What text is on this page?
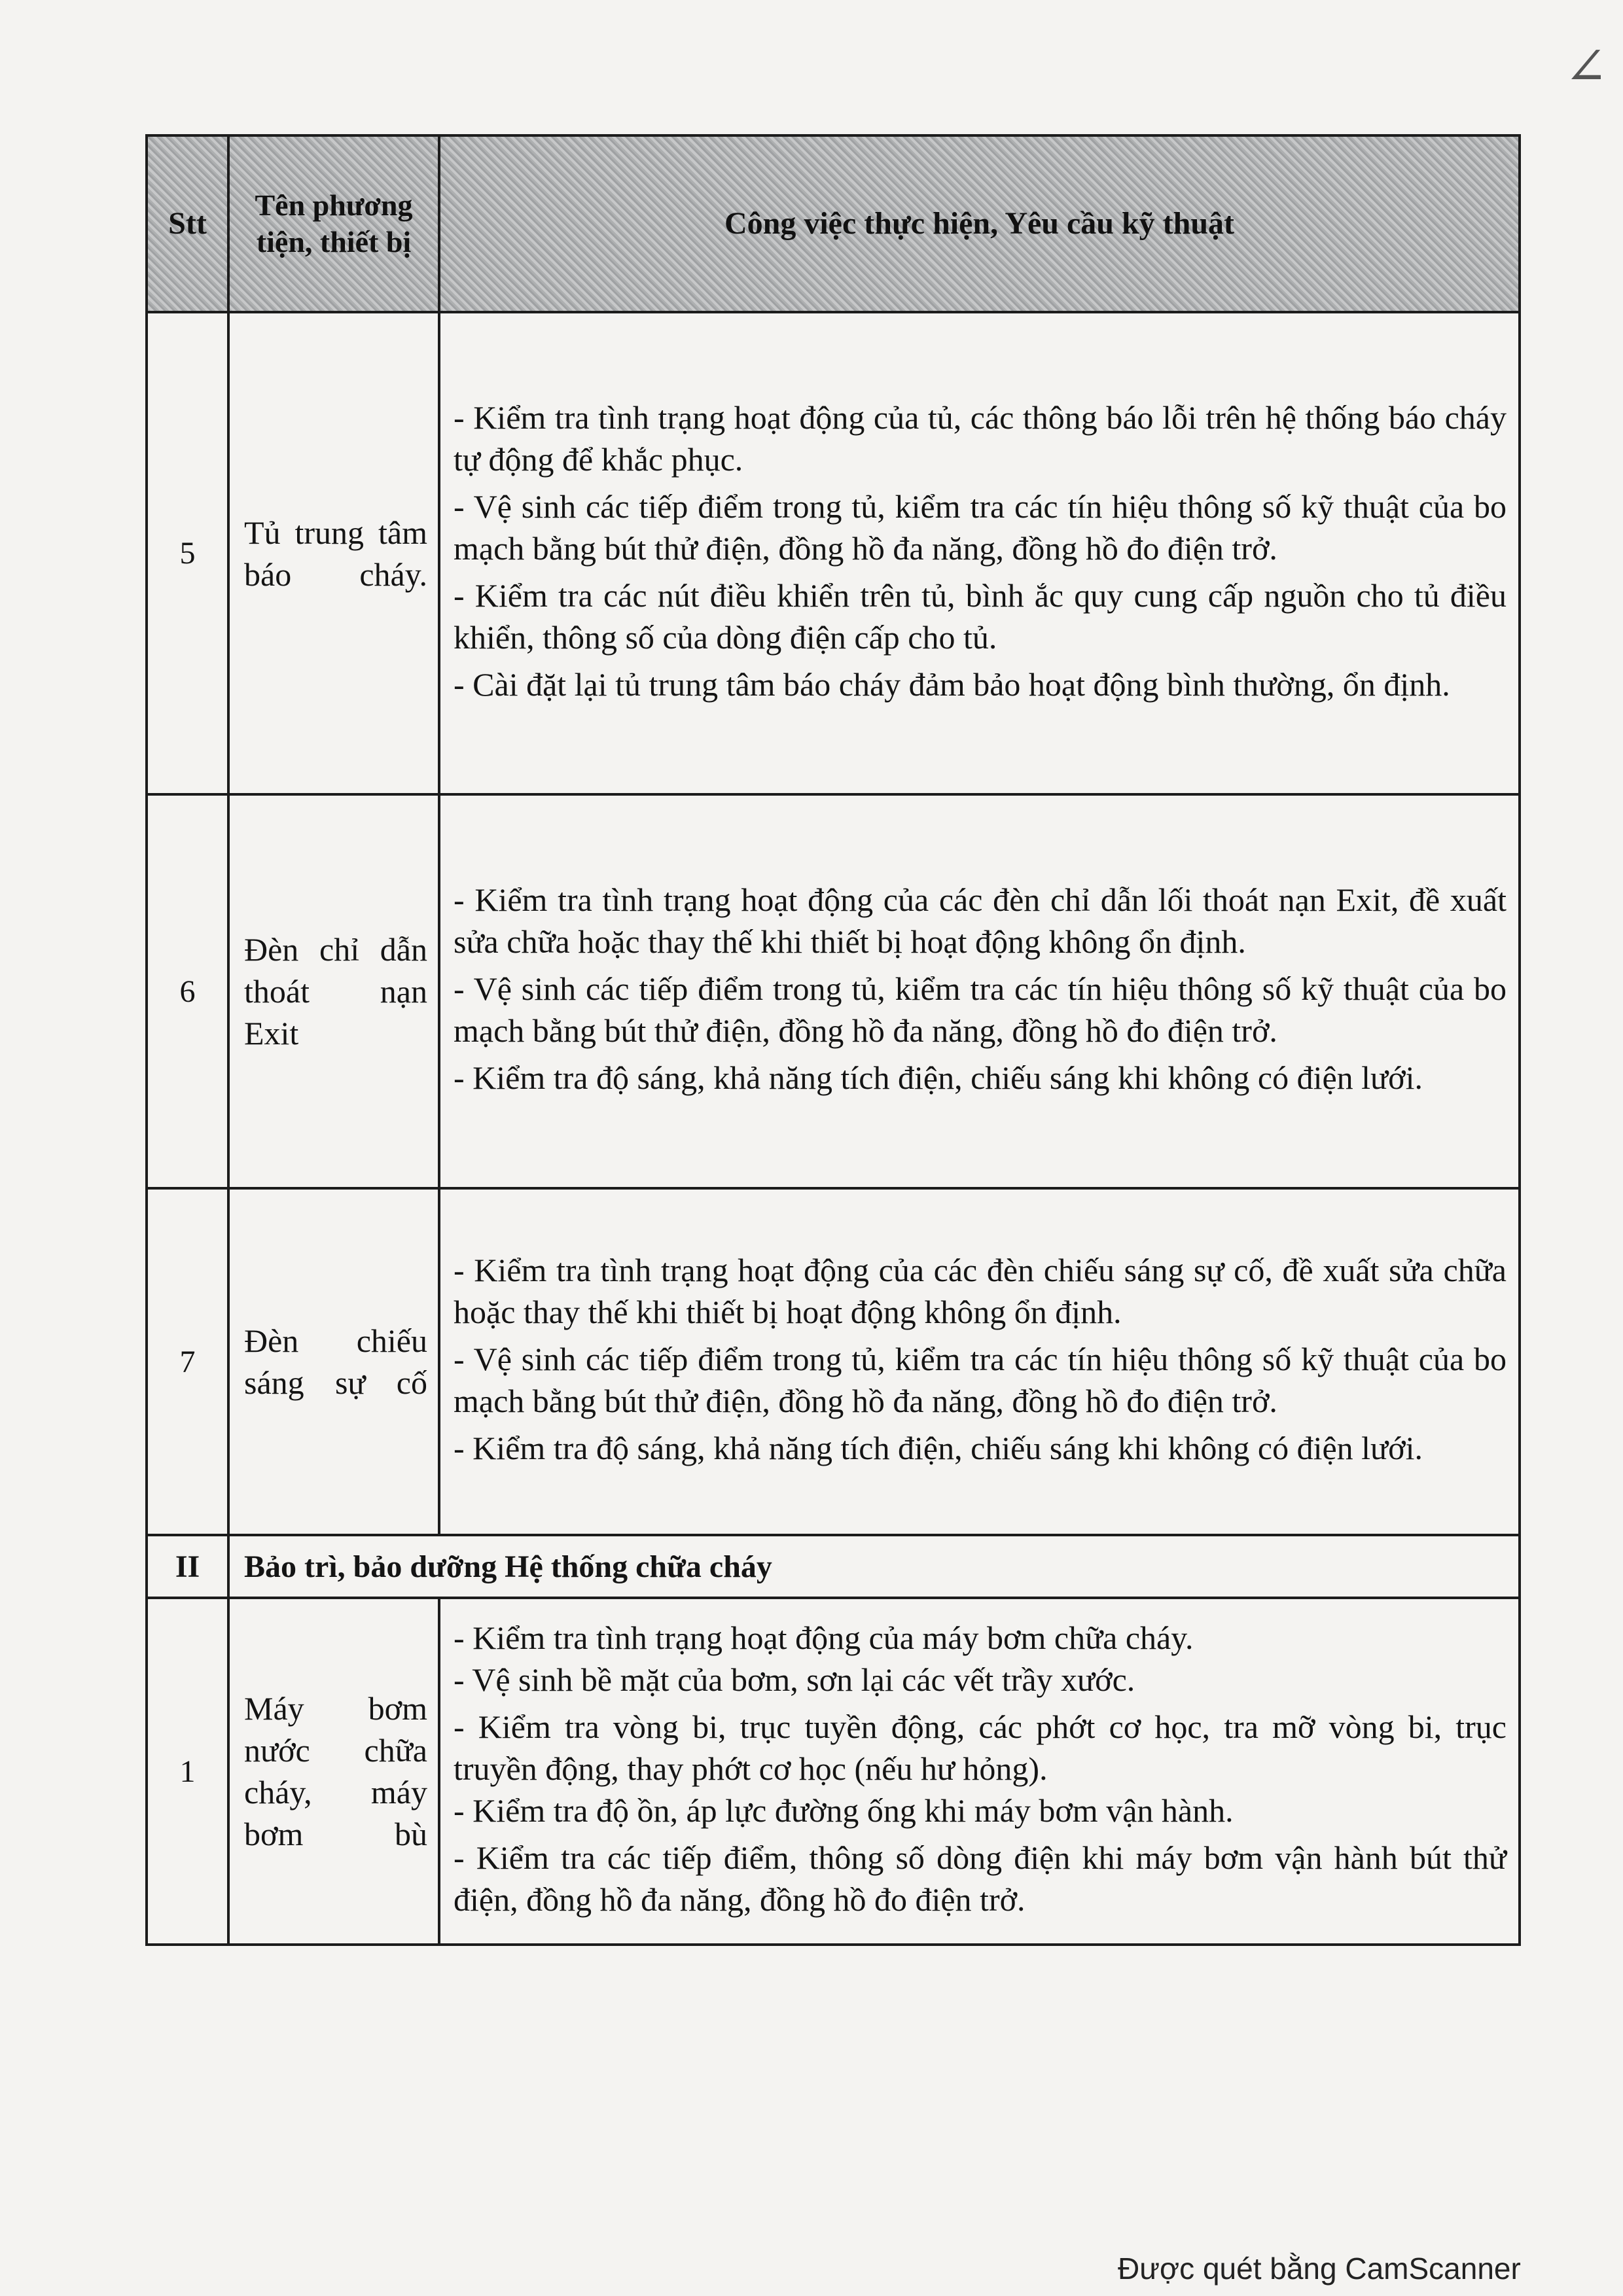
∠
Stt	Tên phương tiện, thiết bị	Công việc thực hiện, Yêu cầu kỹ thuật
5	Tủ trung tâm báo cháy.	- Kiểm tra tình trạng hoạt động của tủ, các thông báo lỗi trên hệ thống báo cháy tự động để khắc phục.

- Vệ sinh các tiếp điểm trong tủ, kiểm tra các tín hiệu thông số kỹ thuật của bo mạch bằng bút thử điện, đồng hồ đa năng, đồng hồ đo điện trở.

- Kiểm tra các nút điều khiển trên tủ, bình ắc quy cung cấp nguồn cho tủ điều khiển, thông số của dòng điện cấp cho tủ.

- Cài đặt lại tủ trung tâm báo cháy đảm bảo hoạt động bình thường, ổn định.

6	Đèn chỉ dẫn thoát nạn Exit	- Kiểm tra tình trạng hoạt động của các đèn chỉ dẫn lối thoát nạn Exit, đề xuất sửa chữa hoặc thay thế khi thiết bị hoạt động không ổn định.

- Vệ sinh các tiếp điểm trong tủ, kiểm tra các tín hiệu thông số kỹ thuật của bo mạch bằng bút thử điện, đồng hồ đa năng, đồng hồ đo điện trở.

- Kiểm tra độ sáng, khả năng tích điện, chiếu sáng khi không có điện lưới.

7	Đèn chiếu sáng sự cố	- Kiểm tra tình trạng hoạt động của các đèn chiếu sáng sự cố, đề xuất sửa chữa hoặc thay thế khi thiết bị hoạt động không ổn định.

- Vệ sinh các tiếp điểm trong tủ, kiểm tra các tín hiệu thông số kỹ thuật của bo mạch bằng bút thử điện, đồng hồ đa năng, đồng hồ đo điện trở.

- Kiểm tra độ sáng, khả năng tích điện, chiếu sáng khi không có điện lưới.

II	Bảo trì, bảo dưỡng Hệ thống chữa cháy	
1	Máy bơm nước chữa cháy, máy bơm bù	- Kiểm tra tình trạng hoạt động của máy bơm chữa cháy.

- Vệ sinh bề mặt của bơm, sơn lại các vết trầy xước.

- Kiểm tra vòng bi, trục tuyền động, các phớt cơ học, tra mỡ vòng bi, trục truyền động, thay phớt cơ học (nếu hư hỏng).

- Kiểm tra độ ồn, áp lực đường ống khi máy bơm vận hành.

- Kiểm tra các tiếp điểm, thông số dòng điện khi máy bơm vận hành bút thử điện, đồng hồ đa năng, đồng hồ đo điện trở.

Được quét bằng CamScanner
